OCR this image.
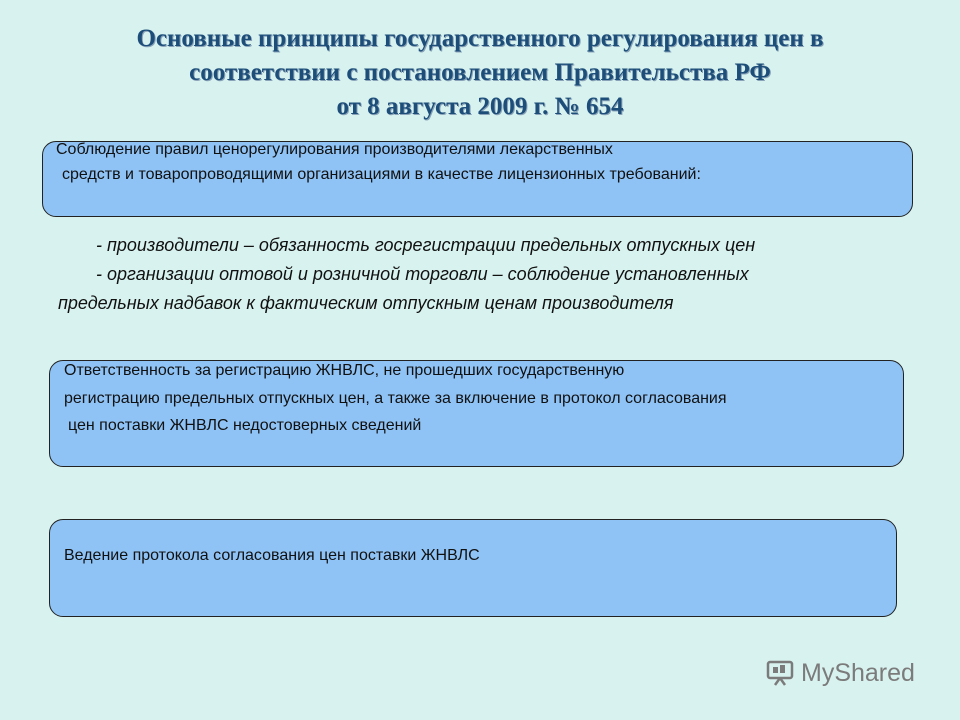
Основные принципы государственного регулирования цен в
соответствии с постановлением Правительства РФ
от 8 августа 2009 г. № 654
Соблюдение правил ценорегулирования производителями лекарственных
средств и товаропроводящими организациями в качестве лицензионных требований:
- производители – обязанность госрегистрации предельных отпускных цен
- организации оптовой и розничной торговли – соблюдение установленных
предельных надбавок к фактическим отпускным ценам производителя
Ответственность за регистрацию ЖНВЛС, не прошедших государственную
регистрацию предельных отпускных цен, а также за включение в протокол согласования
цен поставки ЖНВЛС недостоверных сведений
Ведение протокола согласования цен поставки ЖНВЛС
MyShared
